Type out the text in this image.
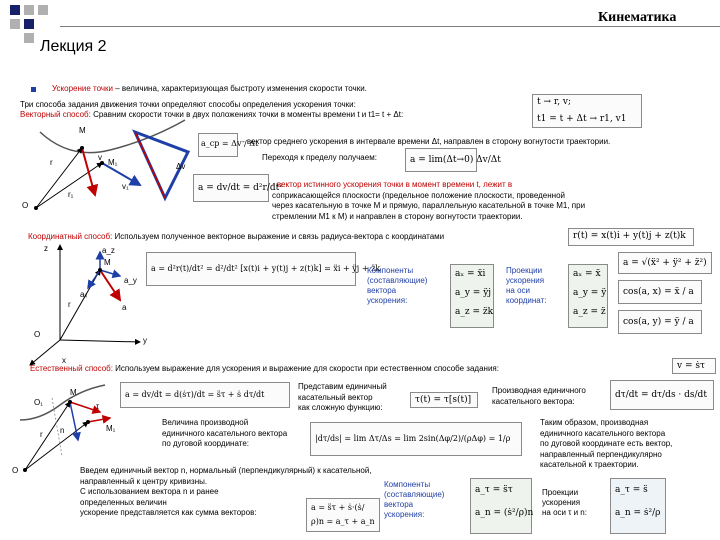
Кинематика
Лекция 2
Ускорение точки – величина, характеризующая быстроту изменения скорости точки.
Три способа задания движения точки определяют способы определения ускорения точки:
Векторный способ: Сравним скорости точки в двух положениях точки в моменты времени t и t1= t + Δt:
t → r, v;
t1 = t + Δt → r1, v1
a_ср = Δv / Δt
- вектор среднего ускорения в интервале времени Δt, направлен в сторону вогнутости траектории.
Переходя к пределу получаем:	a = lim(Δt→0) Δv/Δt
a = dv/dt = d²r/dt²
- вектор истинного ускорения точки в момент времени t, лежит в
соприкасающейся плоскости (предельное положение плоскости, проведенной
через касательную в точке М и прямую, параллельную касательной в точке М1, при
стремлении М1 к М) и направлен в сторону вогнутости траектории.
M
M₁
O
r
r₁
v
v₁
Δv
Координатный способ: Используем полученное векторное выражение и связь радиуса-вектора с координатами	r(t) = x(t)i + y(t)j + z(t)k
a = d²r(t)/dt² = d²/dt² [x(t)i + y(t)j + z(t)k] = ẍi + ÿj + z̈k
M
a_z
a_y
aₓ
a
r
z
y
x
O
Компоненты
(составляющие)
вектора
ускорения:
aₓ = ẍi
a_y = ÿj
a_z = z̈k
Проекции
ускорения
на оси
координат:
aₓ = ẍ
a_y = ÿ
a_z = z̈
a = √(ẍ² + ÿ² + z̈²)
cos(a, x) = ẍ / a
cos(a, y) = ÿ / a
Естественный способ: Используем выражение для ускорения и выражение для скорости при естественном способе задания:	v = ṡτ
a = dv/dt = d(ṡτ)/dt = s̈τ + ṡ dτ/dt
Представим единичный
касательный вектор
как сложную функцию:
τ(t) = τ[s(t)]
Производная единичного
касательного вектора:
dτ/dt = dτ/ds · ds/dt
Величина производной
единичного касательного вектора
по дуговой координате:
|dτ/ds| = lim Δτ/Δs = lim 2sin(Δφ/2)/(ρΔφ) = 1/ρ
Таким образом, производная
единичного касательного вектора
по дуговой координате есть вектор,
направленный перпендикулярно
касательной к траектории.
M
M₁
O₁	τ
n
r
O	Введем единичный вектор n, нормальный (перпендикулярный) к касательной,
направленный к центру кривизны.
С использованием вектора n и ранее
определенных величин
ускорение представляется как сумма векторов:
a = s̈τ + ṡ·(ṡ/ρ)n = a_τ + a_n
Компоненты
(составляющие)
вектора
ускорения:
a_τ = s̈τ
a_n = (ṡ²/ρ)n
Проекции
ускорения
на оси τ и n:
a_τ = s̈
a_n = ṡ²/ρ
